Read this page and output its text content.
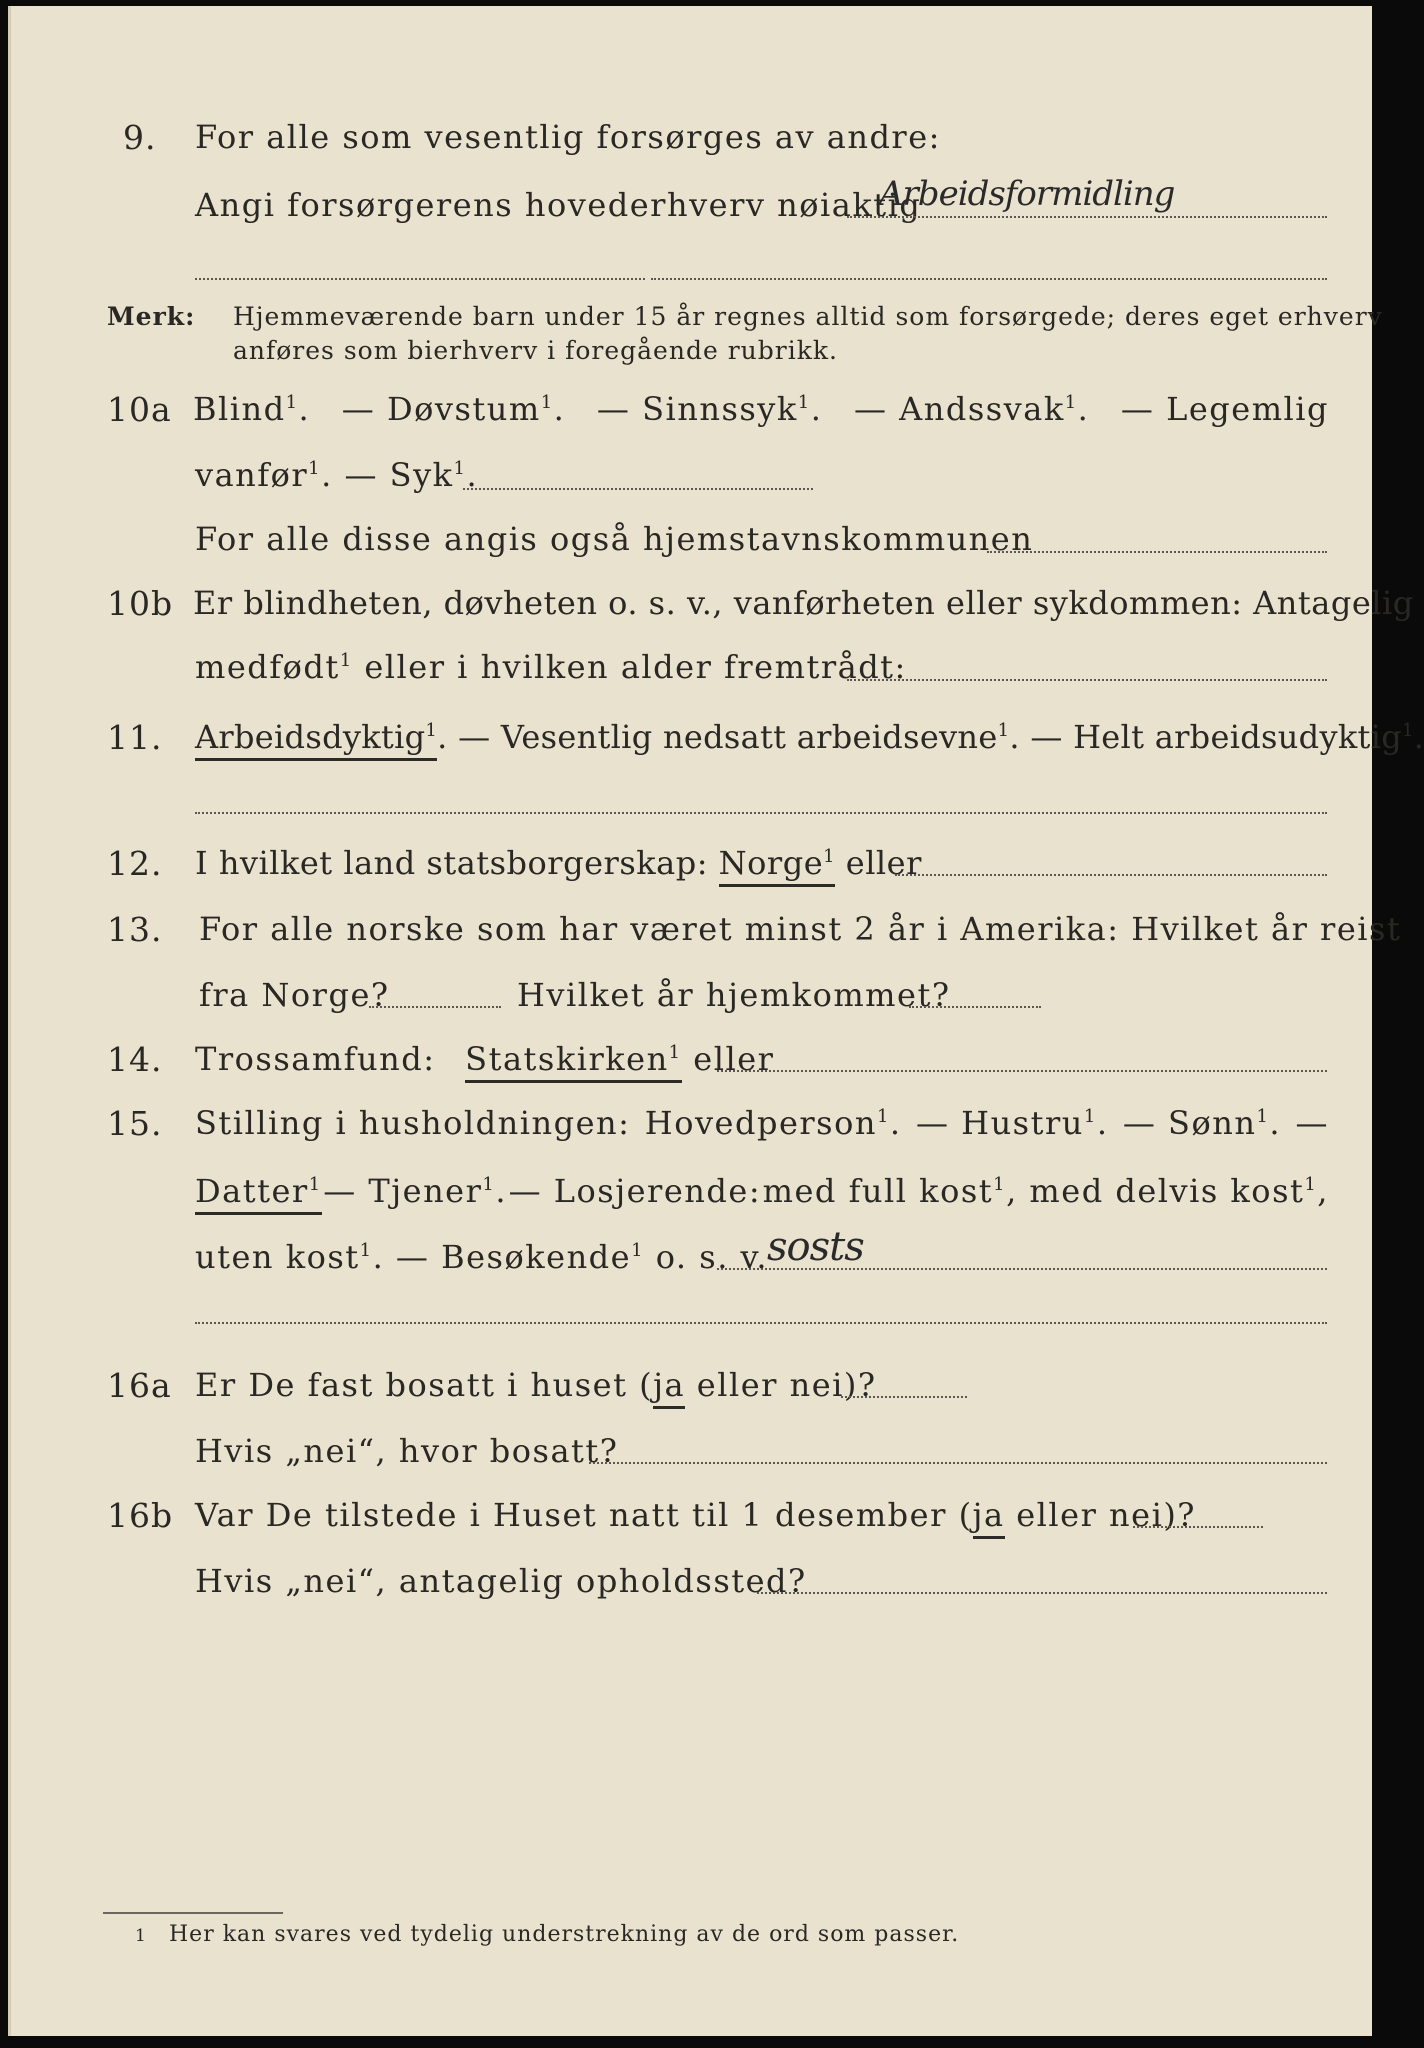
9. For alle som vesentlig forsørges av andre:
Angi forsørgerens hovederhverv nøiaktig
Arbeidsformidling
Merk: Hjemmeværende barn under 15 år regnes alltid som forsørgede; deres eget erhverv
anføres som bierhverv i foregående rubrikk.
10a Blind$^1$. — Døvstum$^1$. — Sinnssyk$^1$. — Andssvak$^1$. — Legemlig
vanfør$^1$. — Syk$^1$.
For alle disse angis også hjemstavnskommunen
10b Er blindheten, døvheten o. s. v., vanførheten eller sykdommen: Antagelig
medfødt$^1$ eller i hvilken alder fremtrådt:
11. Arbeidsdyktig$^1$. — Vesentlig nedsatt arbeidsevne$^1$. — Helt arbeidsudyktig$^1$.
12. I hvilket land statsborgerskap: Norge$^1$ eller
13. For alle norske som har været minst 2 år i Amerika: Hvilket år reist
fra Norge?	Hvilket år hjemkommet?
14. Trossamfund: Statskirken$^1$ eller
15. Stilling i husholdningen: Hovedperson$^1$. — Hustru$^1$. — Sønn$^1$. —
Datter$^1$ — Tjener$^1$. — Losjerende: med full kost$^1$, med delvis kost$^1$,
uten kost$^1$. — Besøkende$^1$ o. s. v. sosts
16a Er De fast bosatt i huset (ja eller nei)?
Hvis „nei“, hvor bosatt?
16b Var De tilstede i Huset natt til 1 desember (ja eller nei)?
Hvis „nei“, antagelig opholdssted?
1 Her kan svares ved tydelig understrekning av de ord som passer.
